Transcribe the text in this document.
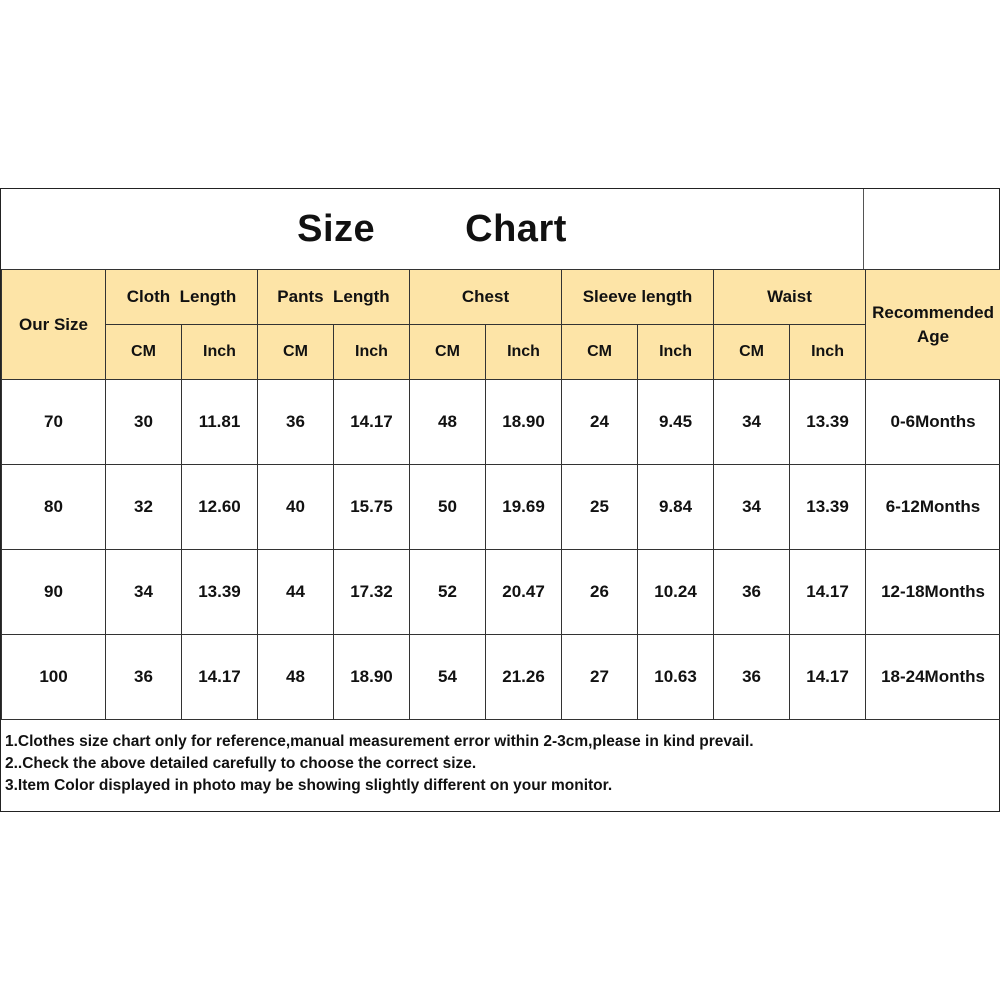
Size Chart
Our Size	Cloth  Length		Pants  Length		Chest		Sleeve length		Waist		Recommended Age
	CM	Inch	CM	Inch	CM	Inch	CM	Inch	CM	Inch	
70	30	11.81	36	14.17	48	18.90	24	9.45	34	13.39	0-6Months
80	32	12.60	40	15.75	50	19.69	25	9.84	34	13.39	6-12Months
90	34	13.39	44	17.32	52	20.47	26	10.24	36	14.17	12-18Months
100	36	14.17	48	18.90	54	21.26	27	10.63	36	14.17	18-24Months
1.Clothes size chart only for reference,manual measurement error within 2-3cm,please in kind prevail.
2..Check the above detailed carefully to choose the correct size.
3.Item Color displayed in photo may be showing slightly different on your monitor.
